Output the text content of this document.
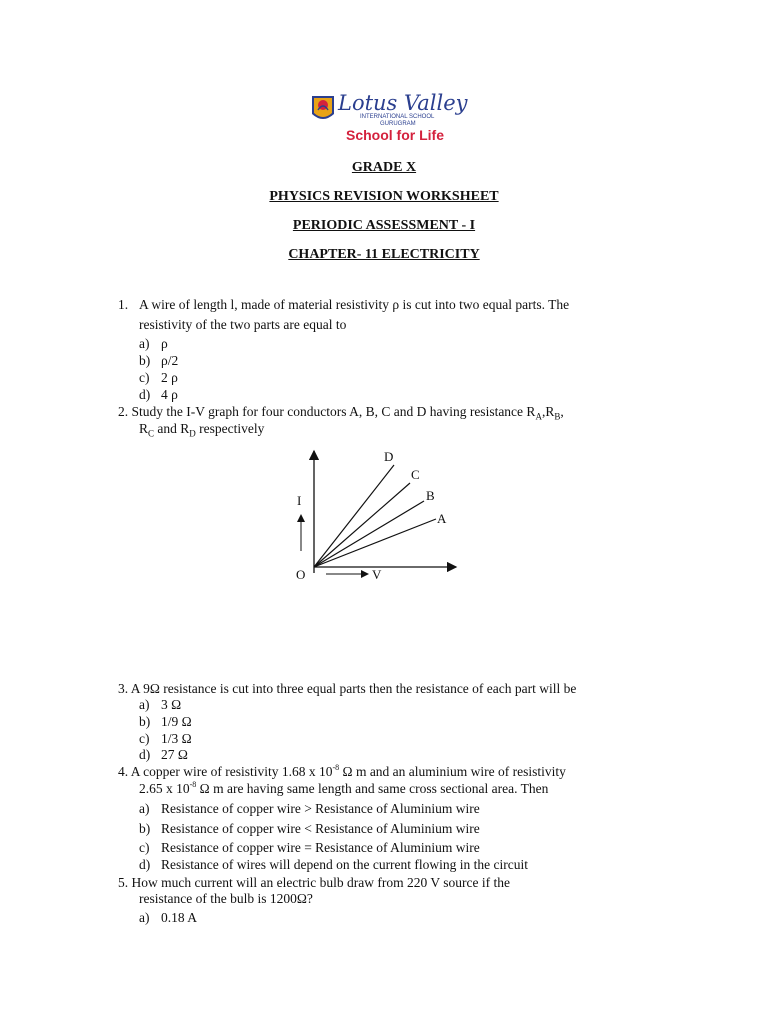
Lotus Valley
INTERNATIONAL SCHOOL
GURUGRAM
School for Life
GRADE X
PHYSICS REVISION WORKSHEET
PERIODIC ASSESSMENT - I
CHAPTER- 11 ELECTRICITY
1. A wire of length l, made of material resistivity ρ is cut into two equal parts. The
resistivity of the two parts are equal to
a) ρ
b) ρ/2
c) 2 ρ
d) 4 ρ
2. Study the I-V graph for four conductors A, B, C and D having resistance $R_A,R_B$,
$R_C$ and $R_D$ respectively
D
C
B
A
I
O	V
3. A 9Ω resistance is cut into three equal parts then the resistance of each part will be
a) 3 Ω
b) 1/9 Ω
c) 1/3 Ω
d) 27 Ω
4. A copper wire of resistivity 1.68 x $10^{-8}$ Ω m and an aluminium wire of resistivity
2.65 x $10^{-8}$ Ω m are having same length and same cross sectional area. Then
a) Resistance of copper wire > Resistance of Aluminium wire
b) Resistance of copper wire < Resistance of Aluminium wire
c) Resistance of copper wire = Resistance of Aluminium wire
d) Resistance of wires will depend on the current flowing in the circuit
5. How much current will an electric bulb draw from 220 V source if the
resistance of the bulb is 1200Ω?
a) 0.18 A
